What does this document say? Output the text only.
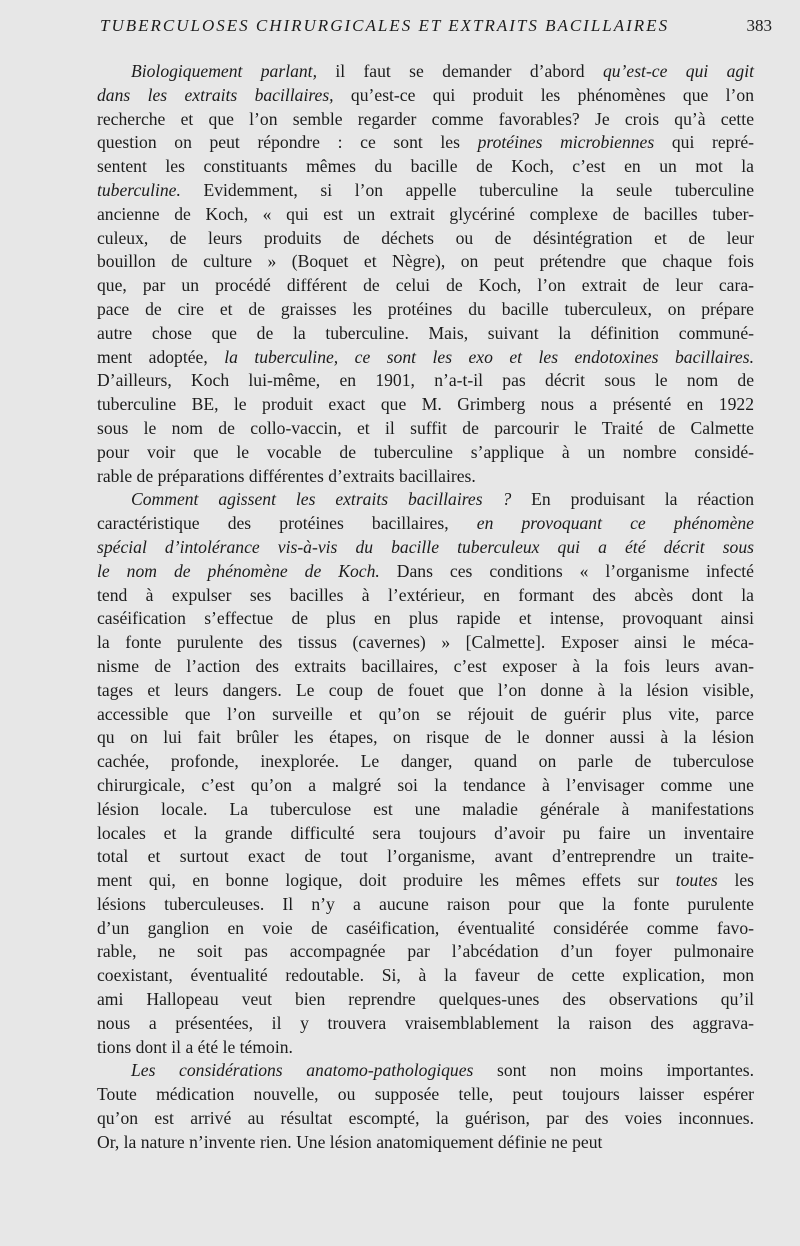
TUBERCULOSES CHIRURGICALES ET EXTRAITS BACILLAIRES	383
Biologiquement parlant, il faut se demander d’abord qu’est-ce qui agit
dans les extraits bacillaires, qu’est-ce qui produit les phénomènes que l’on
recherche et que l’on semble regarder comme favorables? Je crois qu’à cette
question on peut répondre : ce sont les protéines microbiennes qui repré-
sentent les constituants mêmes du bacille de Koch, c’est en un mot la
tuberculine. Evidemment, si l’on appelle tuberculine la seule tuberculine
ancienne de Koch, « qui est un extrait glycériné complexe de bacilles tuber-
culeux, de leurs produits de déchets ou de désintégration et de leur
bouillon de culture » (Boquet et Nègre), on peut prétendre que chaque fois
que, par un procédé différent de celui de Koch, l’on extrait de leur cara-
pace de cire et de graisses les protéines du bacille tuberculeux, on prépare
autre chose que de la tuberculine. Mais, suivant la définition communé-
ment adoptée, la tuberculine, ce sont les exo et les endotoxines bacillaires.
D’ailleurs, Koch lui-même, en 1901, n’a-t-il pas décrit sous le nom de
tuberculine BE, le produit exact que M. Grimberg nous a présenté en 1922
sous le nom de collo-vaccin, et il suffit de parcourir le Traité de Calmette
pour voir que le vocable de tuberculine s’applique à un nombre considé-
rable de préparations différentes d’extraits bacillaires.
Comment agissent les extraits bacillaires ? En produisant la réaction
caractéristique des protéines bacillaires, en provoquant ce phénomène
spécial d’intolérance vis-à-vis du bacille tuberculeux qui a été décrit sous
le nom de phénomène de Koch. Dans ces conditions « l’organisme infecté
tend à expulser ses bacilles à l’extérieur, en formant des abcès dont la
caséification s’effectue de plus en plus rapide et intense, provoquant ainsi
la fonte purulente des tissus (cavernes) » [Calmette]. Exposer ainsi le méca-
nisme de l’action des extraits bacillaires, c’est exposer à la fois leurs avan-
tages et leurs dangers. Le coup de fouet que l’on donne à la lésion visible,
accessible que l’on surveille et qu’on se réjouit de guérir plus vite, parce
qu on lui fait brûler les étapes, on risque de le donner aussi à la lésion
cachée, profonde, inexplorée. Le danger, quand on parle de tuberculose
chirurgicale, c’est qu’on a malgré soi la tendance à l’envisager comme une
lésion locale. La tuberculose est une maladie générale à manifestations
locales et la grande difficulté sera toujours d’avoir pu faire un inventaire
total et surtout exact de tout l’organisme, avant d’entreprendre un traite-
ment qui, en bonne logique, doit produire les mêmes effets sur toutes les
lésions tuberculeuses. Il n’y a aucune raison pour que la fonte purulente
d’un ganglion en voie de caséification, éventualité considérée comme favo-
rable, ne soit pas accompagnée par l’abcédation d’un foyer pulmonaire
coexistant, éventualité redoutable. Si, à la faveur de cette explication, mon
ami Hallopeau veut bien reprendre quelques-unes des observations qu’il
nous a présentées, il y trouvera vraisemblablement la raison des aggrava-
tions dont il a été le témoin.
Les considérations anatomo-pathologiques sont non moins importantes.
Toute médication nouvelle, ou supposée telle, peut toujours laisser espérer
qu’on est arrivé au résultat escompté, la guérison, par des voies inconnues.
Or, la nature n’invente rien. Une lésion anatomiquement définie ne peut
